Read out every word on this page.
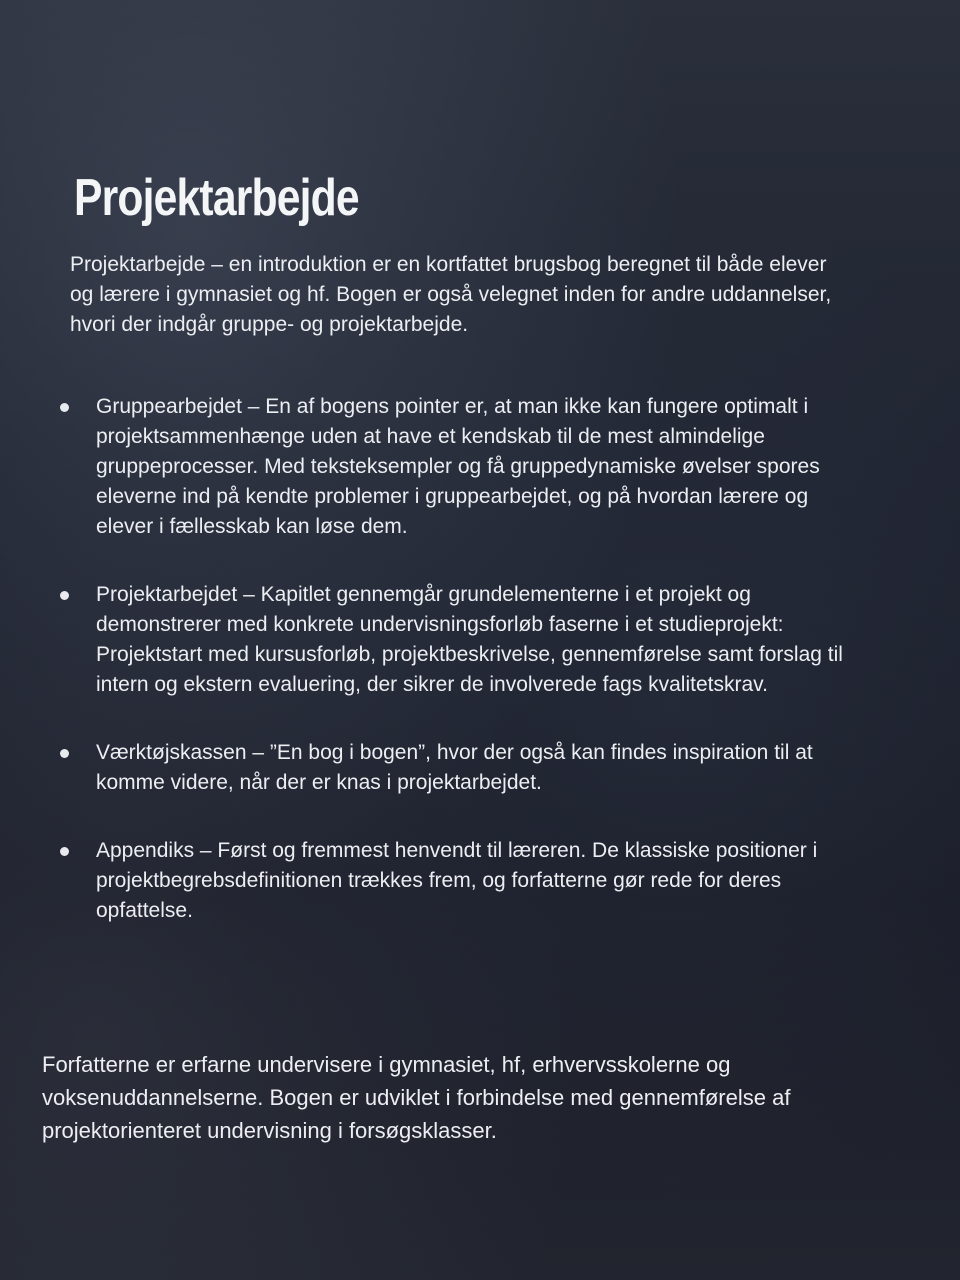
Projektarbejde

Projektarbejde – en introduktion er en kortfattet brugsbog beregnet til både elever og lærere i gymnasiet og hf. Bogen er også velegnet inden for andre uddannelser, hvori der indgår gruppe- og projektarbejde.

Gruppearbejdet – En af bogens pointer er, at man ikke kan fungere optimalt i projektsammenhænge uden at have et kendskab til de mest almindelige gruppeprocesser. Med teksteksempler og få gruppedynamiske øvelser spores eleverne ind på kendte problemer i gruppearbejdet, og på hvordan lærere og elever i fællesskab kan løse dem.
Projektarbejdet – Kapitlet gennemgår grundelementerne i et projekt og demonstrerer med konkrete undervisningsforløb faserne i et studieprojekt: Projektstart med kursusforløb, projektbeskrivelse, gennemførelse samt forslag til intern og ekstern evaluering, der sikrer de involverede fags kvalitetskrav.
Værktøjskassen – ”En bog i bogen”, hvor der også kan findes inspiration til at komme videre, når der er knas i projektarbejdet.
Appendiks – Først og fremmest henvendt til læreren. De klassiske positioner i projektbegrebsdefinitionen trækkes frem, og forfatterne gør rede for deres opfattelse.

Forfatterne er erfarne undervisere i gymnasiet, hf, erhvervsskolerne og voksenuddannelserne. Bogen er udviklet i forbindelse med gennemførelse af projektorienteret undervisning i forsøgsklasser.
